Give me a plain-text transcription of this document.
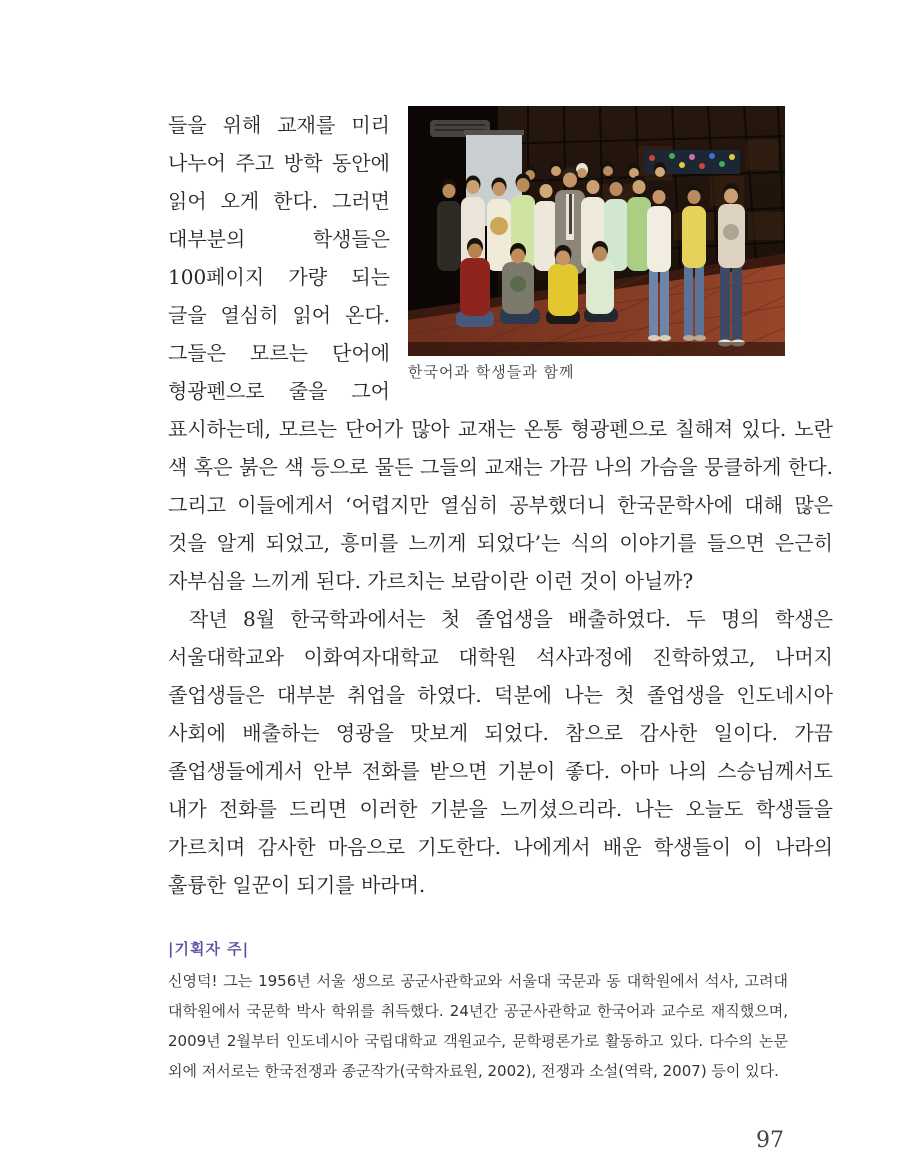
한국어과 학생들과 함께

들을 위해 교재를 미리 나누어 주고 방학 동안에 읽어 오게 한다. 그러면 대부분의 학생들은 100페이지 가량 되는 글을 열심히 읽어 온다. 그들은 모르는 단어에 형광펜으로 줄을 그어 표시하는데, 모르는 단어가 많아 교재는 온통 형광펜으로 칠해져 있다. 노란 색 혹은 붉은 색 등으로 물든 그들의 교재는 가끔 나의 가슴을 뭉클하게 한다. 그리고 이들에게서 ‘어렵지만 열심히 공부했더니 한국문학사에 대해 많은 것을 알게 되었고, 흥미를 느끼게 되었다’는 식의 이야기를 들으면 은근히 자부심을 느끼게 된다. 가르치는 보람이란 이런 것이 아닐까?

작년 8월 한국학과에서는 첫 졸업생을 배출하였다. 두 명의 학생은 서울대학교와 이화여자대학교 대학원 석사과정에 진학하였고, 나머지 졸업생들은 대부분 취업을 하였다. 덕분에 나는 첫 졸업생을 인도네시아 사회에 배출하는 영광을 맛보게 되었다. 참으로 감사한 일이다. 가끔 졸업생들에게서 안부 전화를 받으면 기분이 좋다. 아마 나의 스승님께서도 내가 전화를 드리면 이러한 기분을 느끼셨으리라. 나는 오늘도 학생들을 가르치며 감사한 마음으로 기도한다. 나에게서 배운 학생들이 이 나라의 훌륭한 일꾼이 되기를 바라며.

|기획자 주|
신영덕! 그는 1956년 서울 생으로 공군사관학교와 서울대 국문과 동 대학원에서 석사, 고려대 대학원에서 국문학 박사 학위를 취득했다. 24년간 공군사관학교 한국어과 교수로 재직했으며, 2009년 2월부터 인도네시아 국립대학교 객원교수, 문학평론가로 활동하고 있다. 다수의 논문 외에 저서로는 한국전쟁과 종군작가(국학자료원, 2002), 전쟁과 소설(역락, 2007) 등이 있다.
97
